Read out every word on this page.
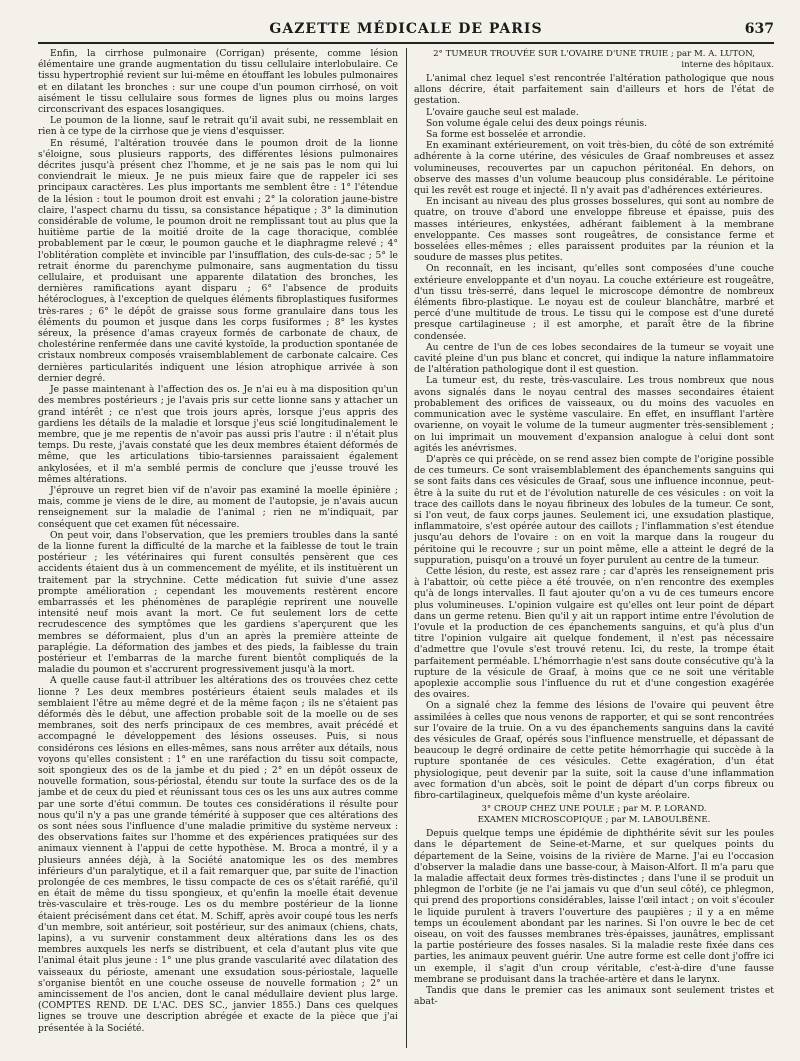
GAZETTE MÉDICALE DE PARIS	637

Enfin, la cirrhose pulmonaire (Corrigan) présente, comme lésion élémentaire une grande augmentation du tissu cellulaire interlobulaire. Ce tissu hypertrophié revient sur lui-même en étouffant les lobules pulmonaires et en dilatant les bronches : sur une coupe d'un poumon cirrhosé, on voit aisément le tissu cellulaire sous formes de lignes plus ou moins larges circonscrivant des espaces losangiques.

Le poumon de la lionne, sauf le retrait qu'il avait subi, ne ressemblait en rien à ce type de la cirrhose que je viens d'esquisser.

En résumé, l'altération trouvée dans le poumon droit de la lionne s'éloigne, sous plusieurs rapports, des différentes lésions pulmonaires décrites jusqu'à présent chez l'homme, et je ne sais pas le nom qui lui conviendrait le mieux. Je ne puis mieux faire que de rappeler ici ses principaux caractères. Les plus importants me semblent être : 1° l'étendue de la lésion : tout le poumon droit est envahi ; 2° la coloration jaune-bistre claire, l'aspect charnu du tissu, sa consistance hépatique ; 3° la diminution considérable de volume, le poumon droit ne remplissant tout au plus que la huitième partie de la moitié droite de la cage thoracique, comblée probablement par le cœur, le poumon gauche et le diaphragme relevé ; 4° l'oblitération complète et invincible par l'insufflation, des culs-de-sac ; 5° le retrait énorme du parenchyme pulmonaire, sans augmentation du tissu cellulaire, et produisant une apparente dilatation des bronches, les dernières ramifications ayant disparu ; 6° l'absence de produits hétéroclogues, à l'exception de quelques éléments fibroplastiques fusiformes très-rares ; 6° le dépôt de graisse sous forme granulaire dans tous les éléments du poumon et jusque dans les corps fusiformes ; 8° les kystes séreux, la présence d'amas crayeux formés de carbonate de chaux, de cholestérine renfermée dans une cavité kystoïde, la production spontanée de cristaux nombreux composés vraisemblablement de carbonate calcaire. Ces dernières particularités indiquent une lésion atrophique arrivée à son dernier degré.

Je passe maintenant à l'affection des os. Je n'ai eu à ma disposition qu'un des membres postérieurs ; je l'avais pris sur cette lionne sans y attacher un grand intérêt ; ce n'est que trois jours après, lorsque j'eus appris des gardiens les détails de la maladie et lorsque j'eus scié longitudinalement le membre, que je me repentis de n'avoir pas aussi pris l'autre : il n'était plus temps. Du reste, j'avais constaté que les deux membres étaient déformés de même, que les articulations tibio-tarsiennes paraissaient également ankylosées, et il m'a semblé permis de conclure que j'eusse trouvé les mêmes altérations.

J'éprouve un regret bien vif de n'avoir pas examiné la moelle épinière ; mais, comme je viens de le dire, au moment de l'autopsie, je n'avais aucun renseignement sur la maladie de l'animal ; rien ne m'indiquait, par conséquent que cet examen fût nécessaire.

On peut voir, dans l'observation, que les premiers troubles dans la santé de la lionne furent la difficulté de la marche et la faiblesse de tout le train postérieur ; les vétérinaires qui furent consultés pensèrent que ces accidents étaient dus à un commencement de myélite, et ils instituèrent un traitement par la strychnine. Cette médication fut suivie d'une assez prompte amélioration ; cependant les mouvements restèrent encore embarrassés et les phénomènes de paraplégie reprirent une nouvelle intensité neuf mois avant la mort. Ce fut seulement lors de cette recrudescence des symptômes que les gardiens s'aperçurent que les membres se déformaient, plus d'un an après la première atteinte de paraplégie. La déformation des jambes et des pieds, la faiblesse du train postérieur et l'embarras de la marche furent bientôt compliqués de la maladie du poumon et s'accrurent progressivement jusqu'à la mort.

A quelle cause faut-il attribuer les altérations des os trouvées chez cette lionne ? Les deux membres postérieurs étaient seuls malades et ils semblaient l'être au même degré et de la même façon ; ils ne s'étaient pas déformés dès le début, une affection probable soit de la moelle ou de ses membranes, soit des nerfs principaux de ces membres, avait précédé et accompagné le développement des lésions osseuses. Puis, si nous considérons ces lésions en elles-mêmes, sans nous arrêter aux détails, nous voyons qu'elles consistent : 1° en une raréfaction du tissu soit compacte, soit spongieux des os de la jambe et du pied ; 2° en un dépôt osseux de nouvelle formation, sous-périostal, étendu sur toute la surface des os de la jambe et de ceux du pied et réunissant tous ces os les uns aux autres comme par une sorte d'étui commun. De toutes ces considérations il résulte pour nous qu'il n'y a pas une grande témérité à supposer que ces altérations des os sont nées sous l'influence d'une maladie primitive du système nerveux : des observations faites sur l'homme et des expériences pratiquées sur des animaux viennent à l'appui de cette hypothèse. M. Broca a montré, il y a plusieurs années déjà, à la Société anatomique les os des membres inférieurs d'un paralytique, et il a fait remarquer que, par suite de l'inaction prolongée de ces membres, le tissu compacte de ces os s'était raréfié, qu'il en était de même du tissu spongieux, et qu'enfin la moelle était devenue très-vasculaire et très-rouge. Les os du membre postérieur de la lionne étaient précisément dans cet état. M. Schiff, après avoir coupé tous les nerfs d'un membre, soit antérieur, soit postérieur, sur des animaux (chiens, chats, lapins), a vu survenir constamment deux altérations dans les os des membres auxquels les nerfs se distribuent, et cela d'autant plus vite que l'animal était plus jeune : 1° une plus grande vascularité avec dilatation des vaisseaux du périoste, amenant une exsudation sous-périostale, laquelle s'organise bientôt en une couche osseuse de nouvelle formation ; 2° un amincissement de l'os ancien, dont le canal médullaire devient plus large. (COMPTES REND. DE L'AC. DES SC., janvier 1855.) Dans ces quelques lignes se trouve une description abrégée et exacte de la pièce que j'ai présentée à la Société.

2° TUMEUR TROUVÉE SUR L'OVAIRE D'UNE TRUIE ; par M. A. LUTON,
interne des hôpitaux.

L'animal chez lequel s'est rencontrée l'altération pathologique que nous allons décrire, était parfaitement sain d'ailleurs et hors de l'état de gestation.

L'ovaire gauche seul est malade.

Son volume égale celui des deux poings réunis.

Sa forme est bosselée et arrondie.

En examinant extérieurement, on voit très-bien, du côté de son extrémité adhérente à la corne utérine, des vésicules de Graaf nombreuses et assez volumineuses, recouvertes par un capuchon péritonéal. En dehors, on observe des masses d'un volume beaucoup plus considérable. Le péritoine qui les revêt est rouge et injecté. Il n'y avait pas d'adhérences extérieures.

En incisant au niveau des plus grosses bosselures, qui sont au nombre de quatre, on trouve d'abord une enveloppe fibreuse et épaisse, puis des masses intérieures, enkystées, adhérant faiblement à la membrane enveloppante. Ces masses sont rougeâtres, de consistance ferme et bosselées elles-mêmes ; elles paraissent produites par la réunion et la soudure de masses plus petites.

On reconnaît, en les incisant, qu'elles sont composées d'une couche extérieure enveloppante et d'un noyau. La couche extérieure est rougeâtre, d'un tissu très-serré, dans lequel le microscope démontre de nombreux éléments fibro-plastique. Le noyau est de couleur blanchâtre, marbré et percé d'une multitude de trous. Le tissu qui le compose est d'une dureté presque cartilagineuse ; il est amorphe, et paraît être de la fibrine condensée.

Au centre de l'un de ces lobes secondaires de la tumeur se voyait une cavité pleine d'un pus blanc et concret, qui indique la nature inflammatoire de l'altération pathologique dont il est question.

La tumeur est, du reste, très-vasculaire. Les trous nombreux que nous avons signalés dans le noyau central des masses secondaires étaient probablement des orifices de vaisseaux, ou du moins des vacuoles en communication avec le système vasculaire. En effet, en insufflant l'artère ovarienne, on voyait le volume de la tumeur augmenter très-sensiblement ; on lui imprimait un mouvement d'expansion analogue à celui dont sont agités les anévrismes.

D'après ce qui précède, on se rend assez bien compte de l'origine possible de ces tumeurs. Ce sont vraisemblablement des épanchements sanguins qui se sont faits dans ces vésicules de Graaf, sous une influence inconnue, peut-être à la suite du rut et de l'évolution naturelle de ces vésicules : on voit la trace des caillots dans le noyau fibrineux des lobules de la tumeur. Ce sont, si l'on veut, de faux corps jaunes. Seulement ici, une exsudation plastique, inflammatoire, s'est opérée autour des caillots ; l'inflammation s'est étendue jusqu'au dehors de l'ovaire : on en voit la marque dans la rougeur du péritoine qui le recouvre ; sur un point même, elle a atteint le degré de la suppuration, puisqu'on a trouvé un foyer purulent au centre de la tumeur.

Cette lésion, du reste, est assez rare ; car d'après les renseignement pris à l'abattoir, où cette pièce a été trouvée, on n'en rencontre des exemples qu'à de longs intervalles. Il faut ajouter qu'on a vu de ces tumeurs encore plus volumineuses. L'opinion vulgaire est qu'elles ont leur point de départ dans un germe retenu. Bien qu'il y ait un rapport intime entre l'évolution de l'ovule et la production de ces épanchements sanguins, et qu'à plus d'un titre l'opinion vulgaire ait quelque fondement, il n'est pas nécessaire d'admettre que l'ovule s'est trouvé retenu. Ici, du reste, la trompe était parfaitement perméable. L'hémorrhagie n'est sans doute consécutive qu'à la rupture de la vésicule de Graaf, à moins que ce ne soit une véritable apoplexie accomplie sous l'influence du rut et d'une congestion exagérée des ovaires.

On a signalé chez la femme des lésions de l'ovaire qui peuvent être assimilées à celles que nous venons de rapporter, et qui se sont rencontrées sur l'ovaire de la truie. On a vu des épanchements sanguins dans la cavité des vésicules de Graaf, opérés sous l'influence menstruelle, et dépassant de beaucoup le degré ordinaire de cette petite hémorrhagie qui succède à la rupture spontanée de ces vésicules. Cette exagération, d'un état physiologique, peut devenir par la suite, soit la cause d'une inflammation avec formation d'un abcès, soit le point de départ d'un corps fibreux ou fibro-cartilagineux, quelquefois même d'un kyste aréolaire.

3° CROUP CHEZ UNE POULE ; par M. P. LORAND.
EXAMEN MICROSCOPIQUE ; par M. LABOULBÈNE.

Depuis quelque temps une épidémie de diphthérite sévit sur les poules dans le département de Seine-et-Marne, et sur quelques points du département de la Seine, voisins de la rivière de Marne. J'ai eu l'occasion d'observer la maladie dans une basse-cour, à Maison-Alfort. Il m'a paru que la maladie affectait deux formes très-distinctes ; dans l'une il se produit un phlegmon de l'orbite (je ne l'ai jamais vu que d'un seul côté), ce phlegmon, qui prend des proportions considérables, laisse l'œil intact ; on voit s'écouler le liquide purulent à travers l'ouverture des paupières ; il y a en même temps un écoulement abondant par les narines. Si l'on ouvre le bec de cet oiseau, on voit des fausses membranes très-épaisses, jaunâtres, emplissant la partie postérieure des fosses nasales. Si la maladie reste fixée dans ces parties, les animaux peuvent guérir. Une autre forme est celle dont j'offre ici un exemple, il s'agit d'un croup véritable, c'est-à-dire d'une fausse membrane se produisant dans la trachée-artère et dans le larynx.

Tandis que dans le premier cas les animaux sont seulement tristes et abat-
